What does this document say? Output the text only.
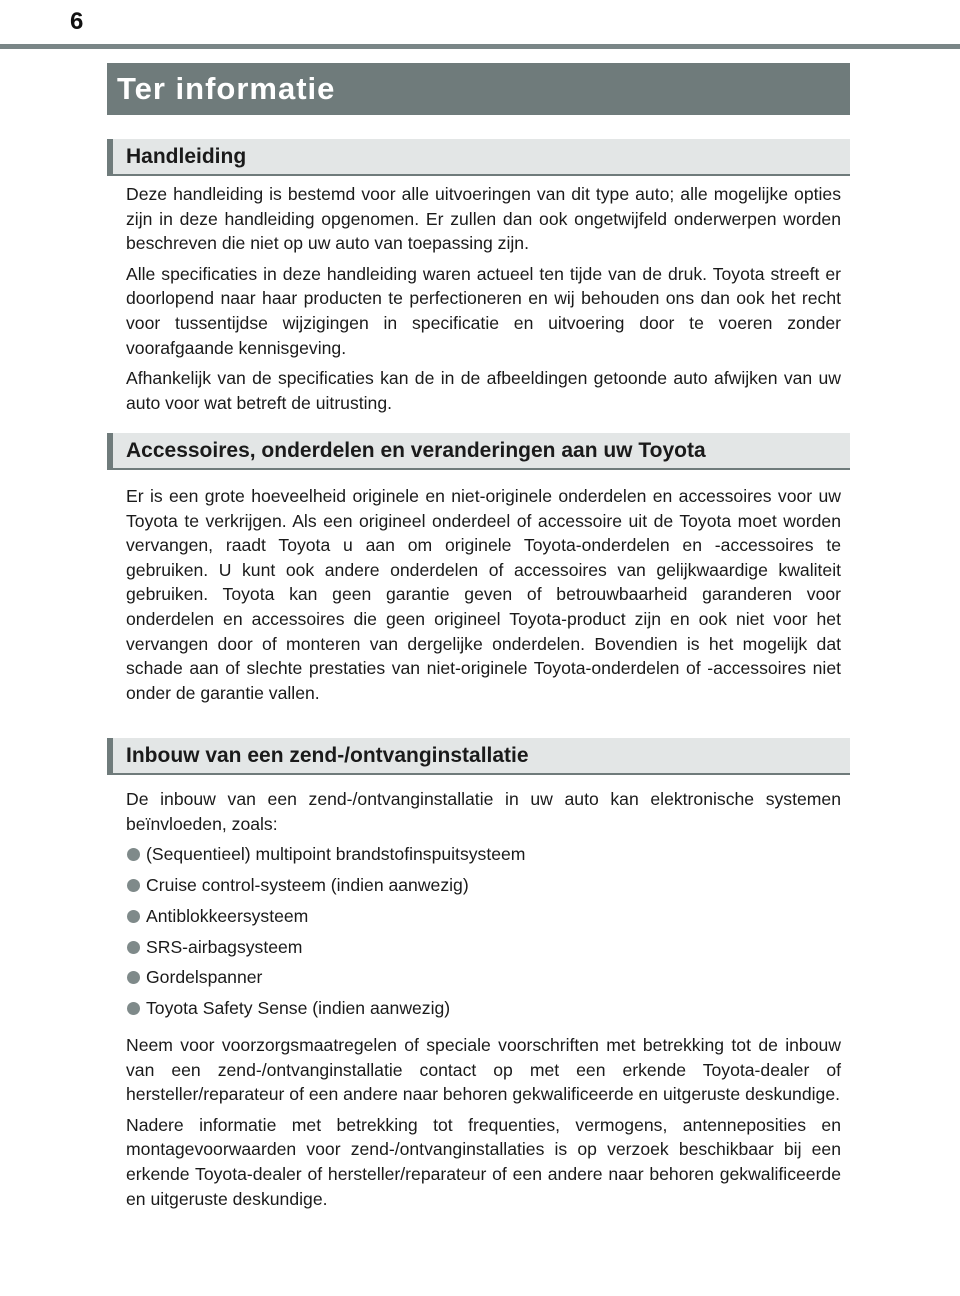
6
Ter informatie
Handleiding

Deze handleiding is bestemd voor alle uitvoeringen van dit type auto; alle mogelijke opties zijn in deze handleiding opgenomen. Er zullen dan ook ongetwijfeld onderwerpen worden beschreven die niet op uw auto van toepassing zijn.

Alle specificaties in deze handleiding waren actueel ten tijde van de druk. Toyota streeft er doorlopend naar haar producten te perfectioneren en wij behouden ons dan ook het recht voor tussentijdse wijzigingen in specificatie en uitvoering door te voeren zonder voorafgaande kennisgeving.

Afhankelijk van de specificaties kan de in de afbeeldingen getoonde auto afwijken van uw auto voor wat betreft de uitrusting.

Accessoires, onderdelen en veranderingen aan uw Toyota

Er is een grote hoeveelheid originele en niet-originele onderdelen en accessoires voor uw Toyota te verkrijgen. Als een origineel onderdeel of accessoire uit de Toyota moet worden vervangen, raadt Toyota u aan om originele Toyota-onderdelen en -accessoires te gebruiken. U kunt ook andere onderdelen of accessoires van gelijkwaardige kwaliteit gebruiken. Toyota kan geen garantie geven of betrouwbaarheid garanderen voor onderdelen en accessoires die geen origineel Toyota-product zijn en ook niet voor het vervangen door of monteren van dergelijke onderdelen. Bovendien is het mogelijk dat schade aan of slechte prestaties van niet-originele Toyota-onderdelen of -accessoires niet onder de garantie vallen.

Inbouw van een zend-/ontvanginstallatie

De inbouw van een zend-/ontvanginstallatie in uw auto kan elektronische systemen beïnvloeden, zoals:

(Sequentieel) multipoint brandstofinspuitsysteem
Cruise control-systeem (indien aanwezig)
Antiblokkeersysteem
SRS-airbagsysteem
Gordelspanner
Toyota Safety Sense (indien aanwezig)

Neem voor voorzorgsmaatregelen of speciale voorschriften met betrekking tot de inbouw van een zend-/ontvanginstallatie contact op met een erkende Toyota-dealer of hersteller/reparateur of een andere naar behoren gekwalificeerde en uitgeruste deskundige.

Nadere informatie met betrekking tot frequenties, vermogens, antenneposities en montagevoorwaarden voor zend-/ontvanginstallaties is op verzoek beschikbaar bij een erkende Toyota-dealer of hersteller/reparateur of een andere naar behoren gekwalificeerde en uitgeruste deskundige.
